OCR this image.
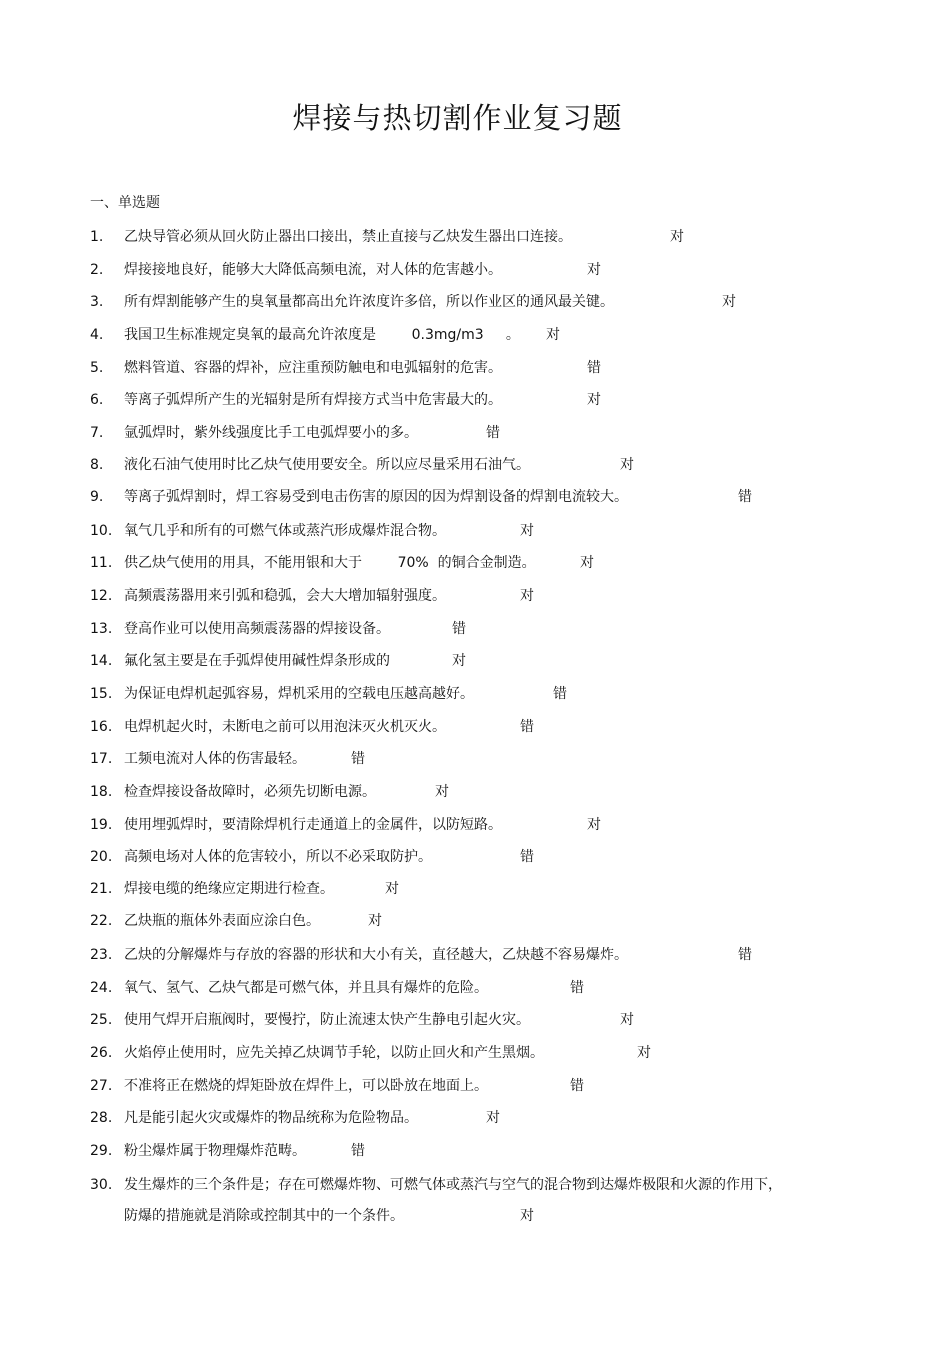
焊接与热切割作业复习题
一、单选题
1. 乙炔导管必须从回火防止器出口接出，禁止直接与乙炔发生器出口连接。	对
2. 焊接接地良好，能够大大降低高频电流，对人体的危害越小。	对
3. 所有焊割能够产生的臭氧量都高出允许浓度许多倍，所以作业区的通风最关键。	对
4. 我国卫生标准规定臭氧的最高允许浓度是        0.3mg/m3     。 对
5. 燃料管道、容器的焊补，应注重预防触电和电弧辐射的危害。	错
6. 等离子弧焊所产生的光辐射是所有焊接方式当中危害最大的。	对
7. 氩弧焊时，紫外线强度比手工电弧焊要小的多。	错
8. 液化石油气使用时比乙炔气使用要安全。所以应尽量采用石油气。	对
9. 等离子弧焊割时，焊工容易受到电击伤害的原因的因为焊割设备的焊割电流较大。	错
10. 氧气几乎和所有的可燃气体或蒸汽形成爆炸混合物。	对
11. 供乙炔气使用的用具，不能用银和大于        70%  的铜合金制造。	对
12. 高频震荡器用来引弧和稳弧，会大大增加辐射强度。	对
13. 登高作业可以使用高频震荡器的焊接设备。	错
14. 氟化氢主要是在手弧焊使用碱性焊条形成的	对
15. 为保证电焊机起弧容易，焊机采用的空载电压越高越好。	错
16. 电焊机起火时，未断电之前可以用泡沫灭火机灭火。	错
17. 工频电流对人体的伤害最轻。	错
18. 检查焊接设备故障时，必须先切断电源。	对
19. 使用埋弧焊时，要清除焊机行走通道上的金属件，以防短路。	对
20. 高频电场对人体的危害较小，所以不必采取防护。	错
21. 焊接电缆的绝缘应定期进行检查。	对
22. 乙炔瓶的瓶体外表面应涂白色。	对
23. 乙炔的分解爆炸与存放的容器的形状和大小有关，直径越大，乙炔越不容易爆炸。	错
24. 氧气、氢气、乙炔气都是可燃气体，并且具有爆炸的危险。	错
25. 使用气焊开启瓶阀时，要慢拧，防止流速太快产生静电引起火灾。	对
26. 火焰停止使用时，应先关掉乙炔调节手轮，以防止回火和产生黑烟。	对
27. 不准将正在燃烧的焊矩卧放在焊件上，可以卧放在地面上。	错
28. 凡是能引起火灾或爆炸的物品统称为危险物品。	对
29. 粉尘爆炸属于物理爆炸范畴。	错
30. 发生爆炸的三个条件是；存在可燃爆炸物、可燃气体或蒸汽与空气的混合物到达爆炸极限和火源的作用下，防爆的措施就是消除或控制其中的一个条件。	对
